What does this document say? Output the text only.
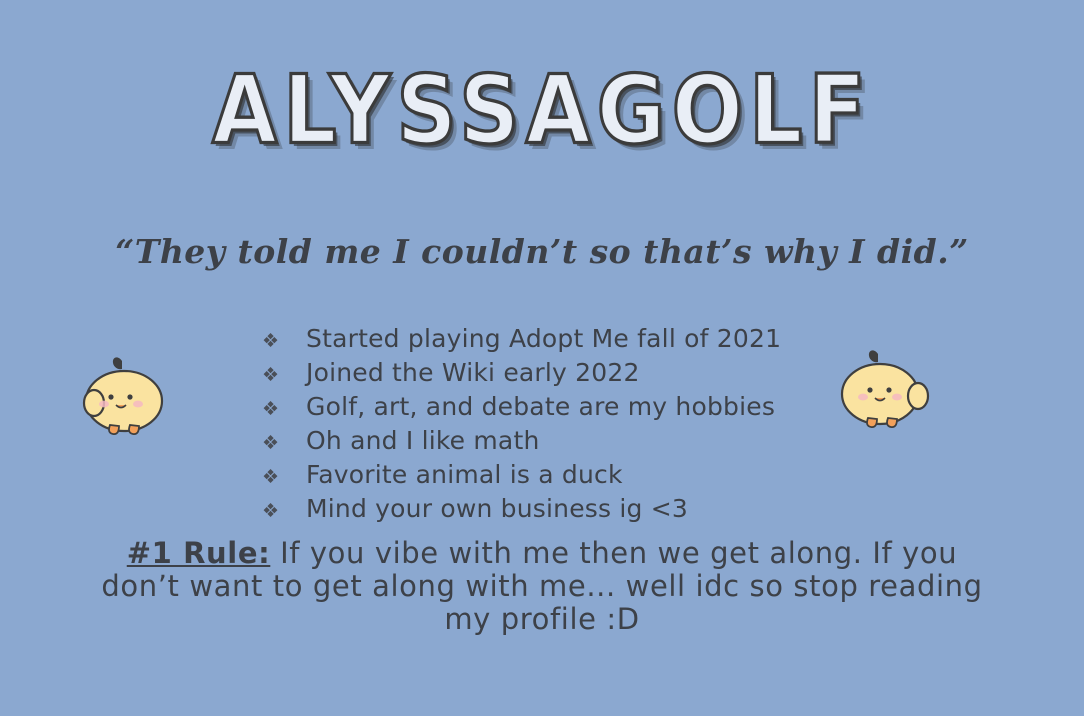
ALYSSAGOLF
“They told me I couldn’t so that’s why I did.”
❖	Started playing Adopt Me fall of 2021
❖	Joined the Wiki early 2022
❖	Golf, art, and debate are my hobbies
❖	Oh and I like math
❖	Favorite animal is a duck
❖	Mind your own business ig <3
#1 Rule: If you vibe with me then we get along. If you don’t want to get along with me... well idc so stop reading my profile :D
